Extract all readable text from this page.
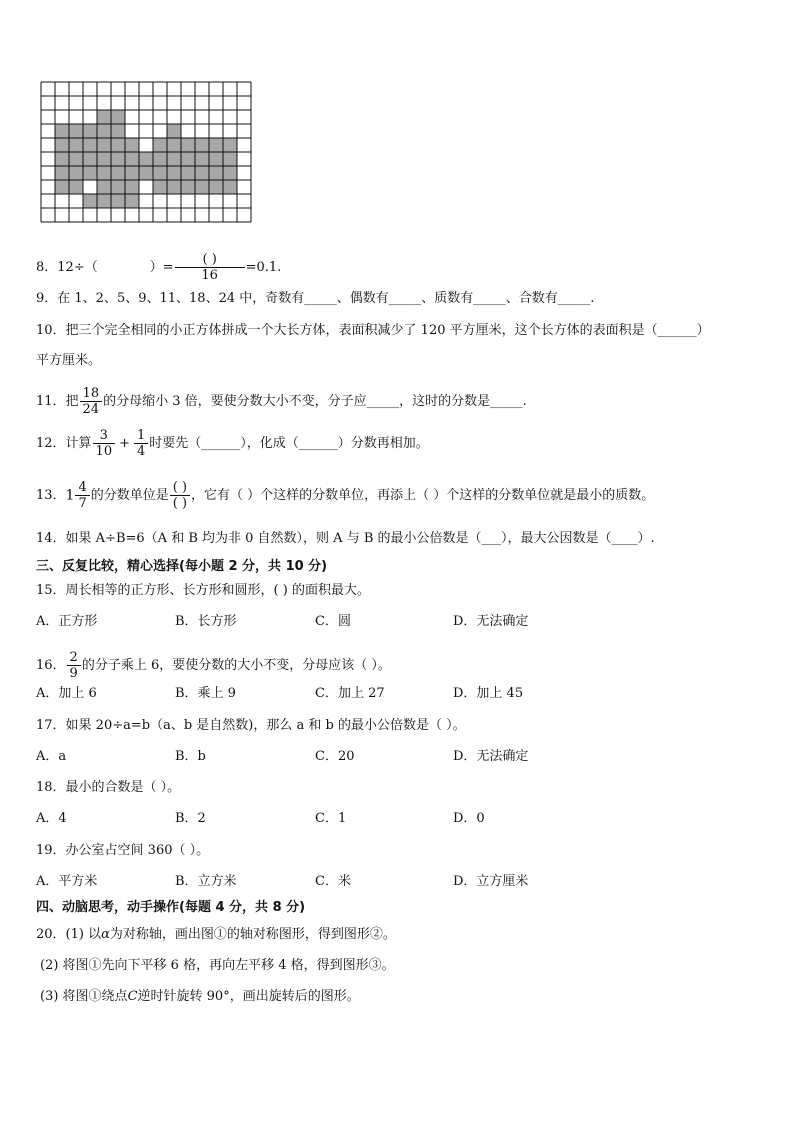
8．12÷（	）= $\frac{( )}{16} =0.1$.
9．在 1、2、5、9、11、18、24 中，奇数有_____、偶数有_____、质数有_____、合数有_____.
10．把三个完全相同的小正方体拼成一个大长方体，表面积减少了 120 平方厘米，这个长方体的表面积是（______）
平方厘米。
11．把 $\frac{18}{24}$ 的分母缩小 3 倍，要使分数大小不变，分子应_____，这时的分数是_____.
12．计算 $\frac{3}{10} + \frac{1}{4}$ 时要先（______），化成（______）分数再相加。
13．$1 \frac{4}{7}$ 的分数单位是 $\frac{( )}{( )}$ ，它有（ ）个这样的分数单位，再添上（ ）个这样的分数单位就是最小的质数。
14．如果 A÷B=6（A 和 B 均为非 0 自然数），则 A 与 B 的最小公倍数是（___），最大公因数是（____）.
三、反复比较，精心选择(每小题 2 分，共 10 分)
15．周长相等的正方形、长方形和圆形，( ) 的面积最大。
A．正方形	B．长方形	C．圆	D．无法确定
16． $\frac{2}{9}$ 的分子乘上 6，要使分数的大小不变，分母应该（ ）。
A．加上 6	B．乘上 9	C．加上 27	D．加上 45
17．如果 20÷a=b（a、b 是自然数)，那么 a 和 b 的最小公倍数是（ ）。
A．a	B．b	C．20	D．无法确定
18．最小的合数是（ ）。
A．4	B．2	C．1	D．0
19．办公室占空间 360（ ）。
A．平方米	B．立方米	C．米	D．立方厘米
四、动脑思考，动手操作(每题 4 分，共 8 分)
20．(1) 以α为对称轴，画出图①的轴对称图形，得到图形②。
(2) 将图①先向下平移 6 格，再向左平移 4 格，得到图形③。
(3) 将图①绕点C逆时针旋转 90°，画出旋转后的图形。
